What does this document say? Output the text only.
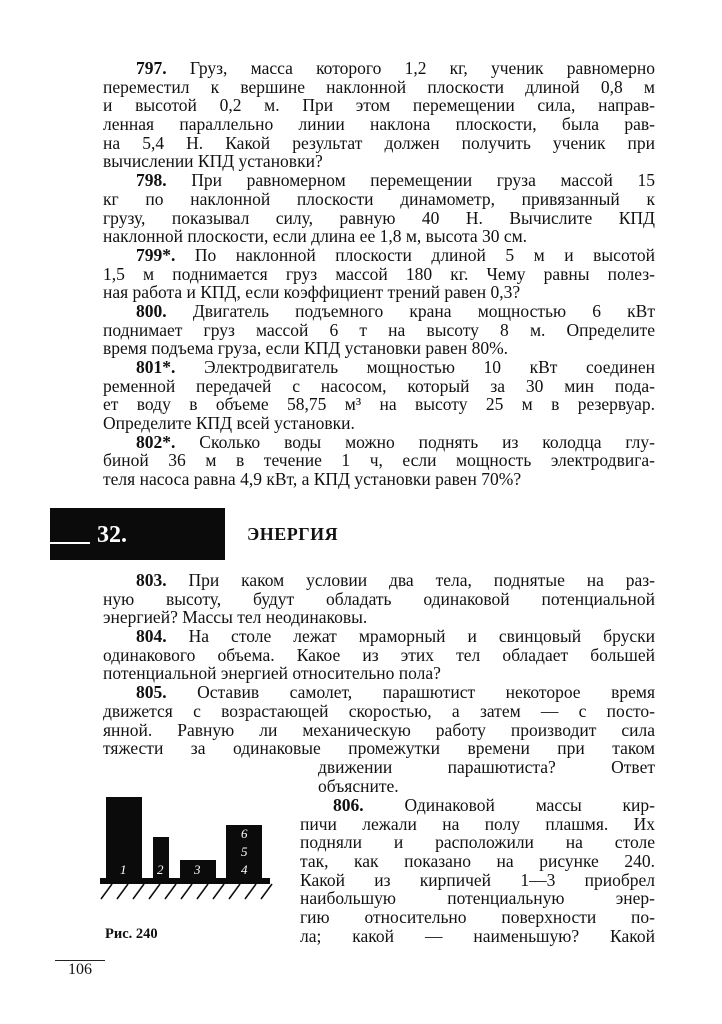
797. Груз, масса которого 1,2 кг, ученик равномерно
переместил к вершине наклонной плоскости длиной 0,8 м
и высотой 0,2 м. При этом перемещении сила, направ-
ленная параллельно линии наклона плоскости, была рав-
на 5,4 Н. Какой результат должен получить ученик при
вычислении КПД установки?
798. При равномерном перемещении груза массой 15
кг по наклонной плоскости динамометр, привязанный к
грузу, показывал силу, равную 40 Н. Вычислите КПД
наклонной плоскости, если длина ее 1,8 м, высота 30 см.
799*. По наклонной плоскости длиной 5 м и высотой
1,5 м поднимается груз массой 180 кг. Чему равны полез-
ная работа и КПД, если коэффициент трений равен 0,3?
800. Двигатель подъемного крана мощностью 6 кВт
поднимает груз массой 6 т на высоту 8 м. Определите
время подъема груза, если КПД установки равен 80%.
801*. Электродвигатель мощностью 10 кВт соединен
ременной передачей с насосом, который за 30 мин пода-
ет воду в объеме 58,75 м³ на высоту 25 м в резервуар.
Определите КПД всей установки.
802*. Сколько воды можно поднять из колодца глу-
биной 36 м в течение 1 ч, если мощность электродвига-
теля насоса равна 4,9 кВт, а КПД установки равен 70%?
32.	ЭНЕРГИЯ
803. При каком условии два тела, поднятые на раз-
ную высоту, будут обладать одинаковой потенциальной
энергией? Массы тел неодинаковы.
804. На столе лежат мраморный и свинцовый бруски
одинакового объема. Какое из этих тел обладает большей
потенциальной энергией относительно пола?
805. Оставив самолет, парашютист некоторое время
движется с возрастающей скоростью, а затем — с посто-
янной. Равную ли механическую работу производит сила
тяжести за одинаковые промежутки времени при таком
движении парашютиста? Ответ
объясните.
806. Одинаковой массы кир-
пичи лежали на полу плашмя. Их
подняли и расположили на столе
так, как показано на рисунке 240.
Какой из кирпичей 1—3 приобрел
наибольшую потенциальную энер-
гию относительно поверхности по-
ла; какой — наименьшую? Какой
1 2 3	4
5
6
Рис. 240
106
